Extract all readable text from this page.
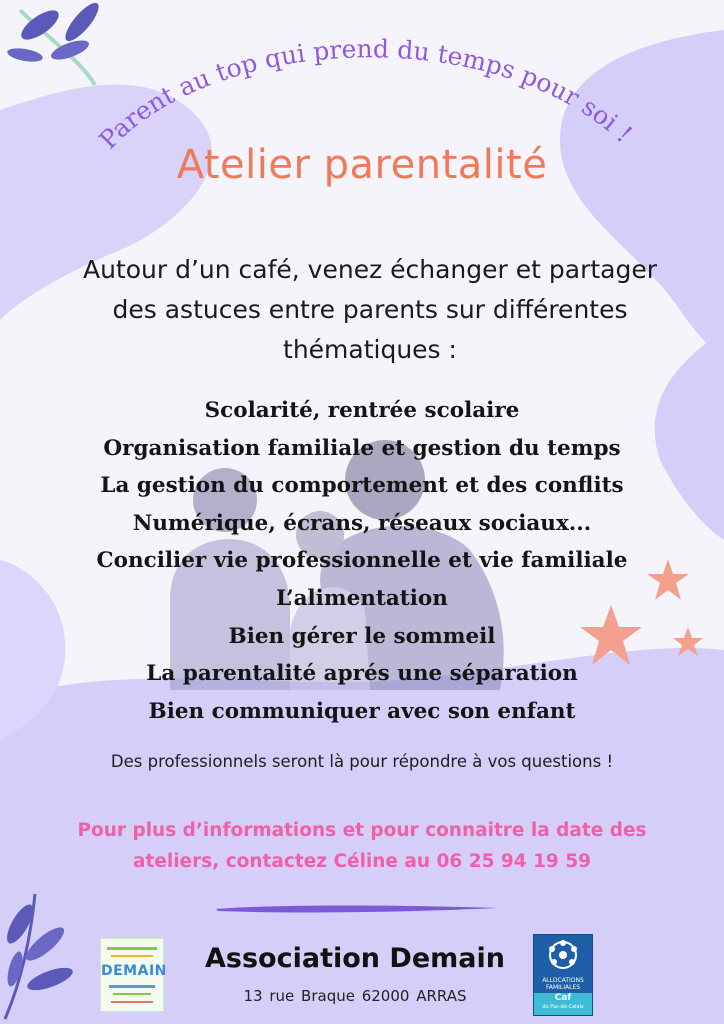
Parent au top qui prend du temps pour soi !
Atelier parentalité
Autour d’un café, venez échanger et partager
des astuces entre parents sur différentes
thématiques :
Scolarité, rentrée scolaire
Organisation familiale et gestion du temps
La gestion du comportement et des conflits
Numérique, écrans, réseaux sociaux...
Concilier vie professionnelle et vie familiale
L’alimentation
Bien gérer le sommeil
La parentalité aprés une séparation
Bien communiquer avec son enfant
Des professionnels seront là pour répondre à vos questions !
Pour plus d’informations et pour connaitre la date des
ateliers, contactez Céline au 06 25 94 19 59
DEMAIN	Association Demain
13 rue Braque 62000 ARRAS
ALLOCATIONS
FAMILIALES
Caf
du Pas-de-Calais
